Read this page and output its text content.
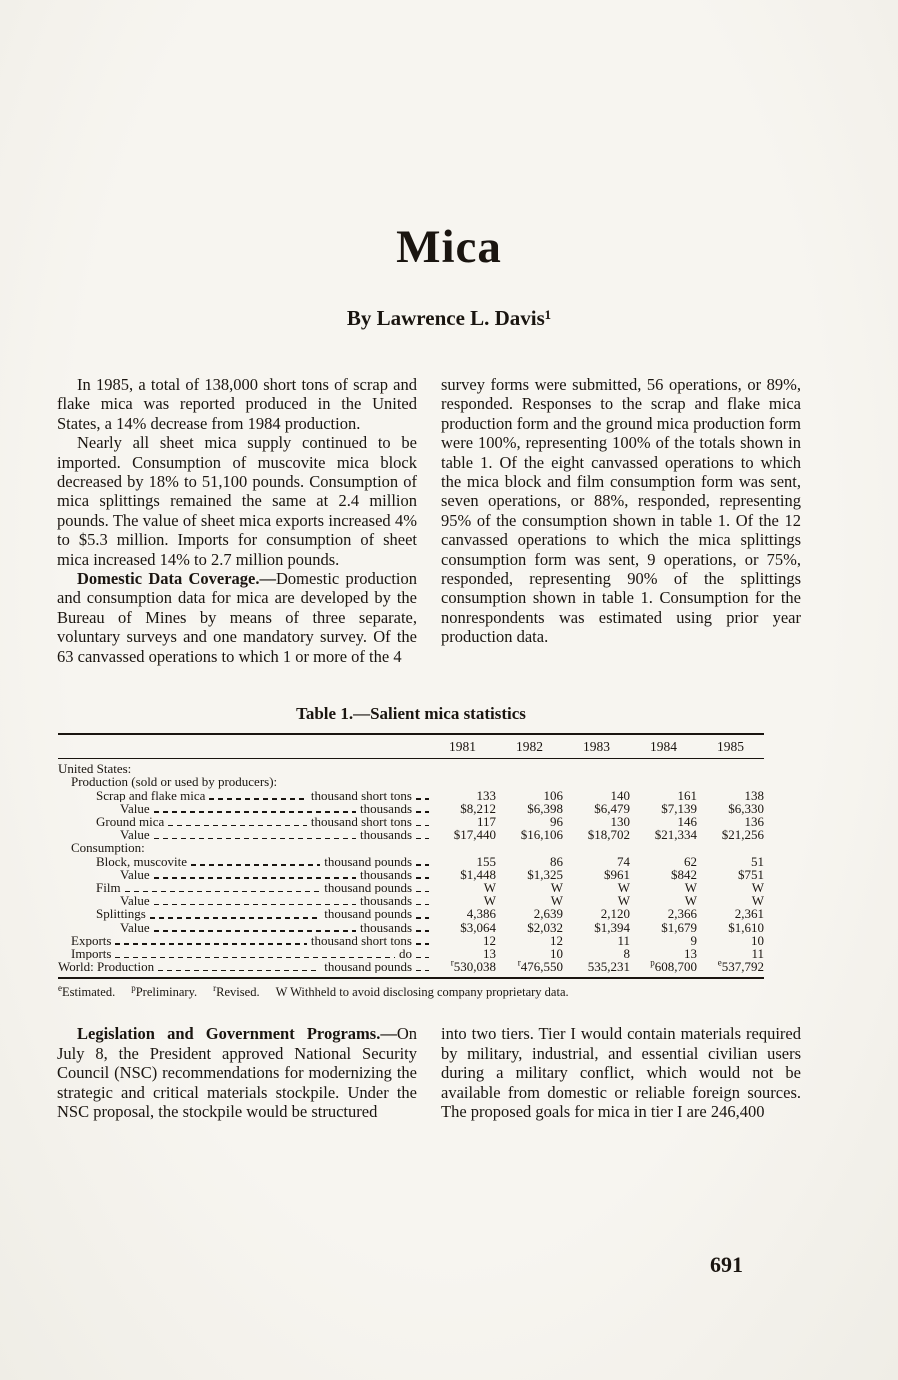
Mica
By Lawrence L. Davis¹

In 1985, a total of 138,000 short tons of scrap and flake mica was reported produced in the United States, a 14% decrease from 1984 production.

Nearly all sheet mica supply continued to be imported. Consumption of muscovite mica block decreased by 18% to 51,100 pounds. Consumption of mica splittings remained the same at 2.4 million pounds. The value of sheet mica exports increased 4% to $5.3 million. Imports for consumption of sheet mica increased 14% to 2.7 million pounds.

Domestic Data Coverage.—Domestic production and consumption data for mica are developed by the Bureau of Mines by means of three separate, voluntary surveys and one mandatory survey. Of the 63 canvassed operations to which 1 or more of the 4

survey forms were submitted, 56 operations, or 89%, responded. Responses to the scrap and flake mica production form and the ground mica production form were 100%, representing 100% of the totals shown in table 1. Of the eight canvassed operations to which the mica block and film consumption form was sent, seven operations, or 88%, responded, representing 95% of the consumption shown in table 1. Of the 12 canvassed operations to which the mica splittings consumption form was sent, 9 operations, or 75%, responded, representing 90% of the splittings consumption shown in table 1. Consumption for the nonrespondents was estimated using prior year production data.

Table 1.—Salient mica statistics
1981	1982	1983	1984	1985
United States:
Production (sold or used by producers):
Scrap and flake mica	thousand short tons	133	106	140	161	138
Value	thousands	$8,212	$6,398	$6,479	$7,139	$6,330
Ground mica	thousand short tons	117	96	130	146	136
Value	thousands	$17,440	$16,106	$18,702	$21,334	$21,256
Consumption:
Block, muscovite	thousand pounds	155	86	74	62	51
Value	thousands	$1,448	$1,325	$961	$842	$751
Film	thousand pounds	W	W	W	W	W
Value	thousands	W	W	W	W	W
Splittings	thousand pounds	4,386	2,639	2,120	2,366	2,361
Value	thousands	$3,064	$2,032	$1,394	$1,679	$1,610
Exports	thousand short tons	12	12	11	9	10
Imports	do	13	10	8	13	11
World: Production	thousand pounds	$^r$530,038	$^r$476,550	535,231	$^p$608,700	$^e$537,792
$^e$Estimated. $^p$Preliminary. $^r$Revised. W Withheld to avoid disclosing company proprietary data.

Legislation and Government Programs.—On July 8, the President approved National Security Council (NSC) recommendations for modernizing the strategic and critical materials stockpile. Under the NSC proposal, the stockpile would be structured

into two tiers. Tier I would contain materials required by military, industrial, and essential civilian users during a military conflict, which would not be available from domestic or reliable foreign sources. The proposed goals for mica in tier I are 246,400

691
